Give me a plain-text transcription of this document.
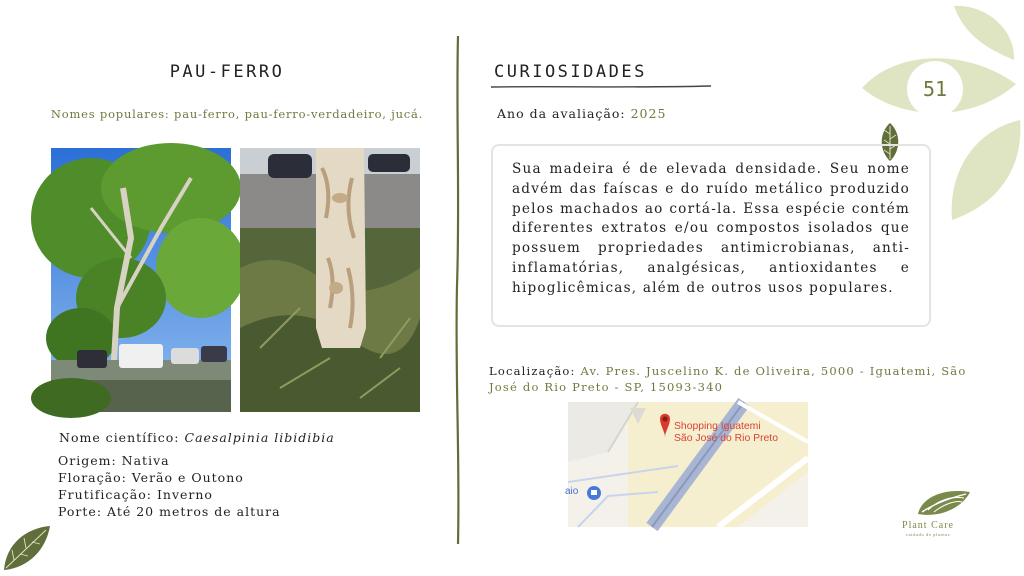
51
PAU-FERRO
Nomes populares: pau-ferro, pau-ferro-verdadeiro, jucá.
Nome científico: Caesalpinia libidibia
Origem: Nativa
Floração: Verão e Outono
Frutificação: Inverno
Porte: Até 20 metros de altura
CURIOSIDADES
Ano da avaliação: 2025

Sua madeira é de elevada densidade. Seu nome advém das faíscas e do ruído metálico produzido pelos machados ao cortá-la. Essa espécie contém diferentes extratos e/ou compostos isolados que possuem propriedades antimicrobianas, anti-inflamatórias, analgésicas, antioxidantes e hipoglicêmicas, além de outros usos populares.

Localização: Av. Pres. Juscelino K. de Oliveira, 5000 - Iguatemi, São José do Rio Preto - SP, 15093-340
Shopping Iguatemi
São José do Rio Preto
aio
Plant Care
cuidado de plantas
